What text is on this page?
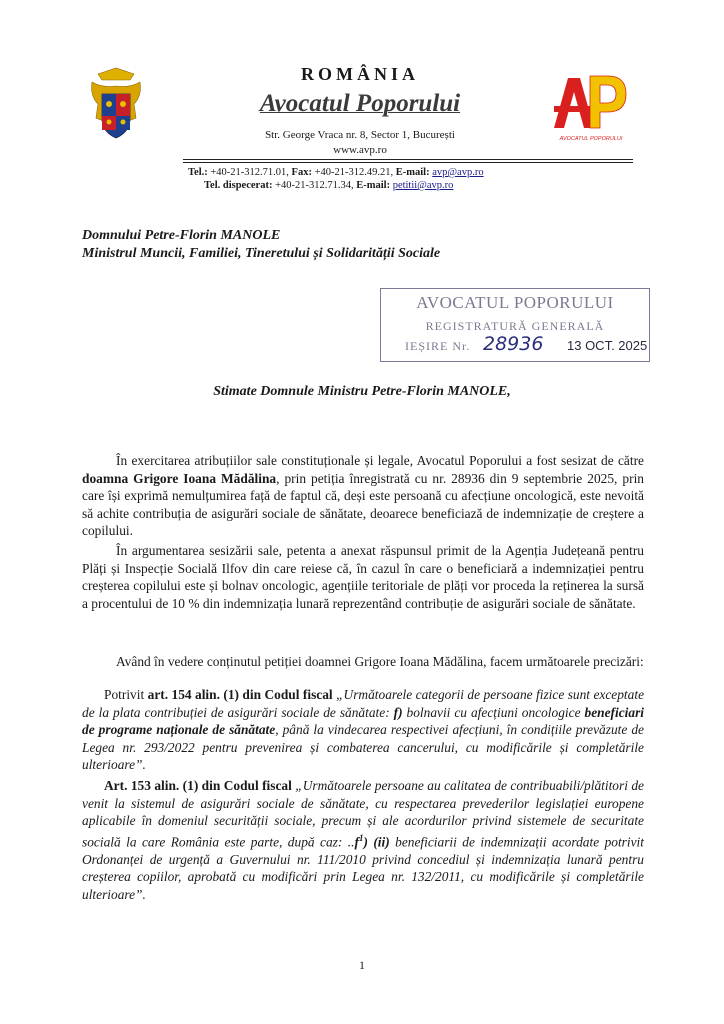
AVOCATUL POPORULUI
ROMÂNIA
Avocatul Poporului
Str. George Vraca nr. 8, Sector 1, București
www.avp.ro
Tel.: +40-21-312.71.01, Fax: +40-21-312.49.21, E-mail: avp@avp.ro
Tel. dispecerat: +40-21-312.71.34, E-mail: petitii@avp.ro
Domnului Petre-Florin MANOLE
Ministrul Muncii, Familiei, Tineretului și Solidarității Sociale
AVOCATUL POPORULUI
REGISTRATURĂ GENERALĂ
IEȘIRE Nr. 28936 13 OCT. 2025
Stimate Domnule Ministru Petre-Florin MANOLE,
În exercitarea atribuțiilor sale constituționale și legale, Avocatul Poporului a fost sesizat de către doamna Grigore Ioana Mădălina, prin petiția înregistrată cu nr. 28936 din 9 septembrie 2025, prin care își exprimă nemulțumirea față de faptul că, deși este persoană cu afecțiune oncologică, este nevoită să achite contribuția de asigurări sociale de sănătate, deoarece beneficiază de indemnizație de creștere a copilului.
În argumentarea sesizării sale, petenta a anexat răspunsul primit de la Agenția Județeană pentru Plăți și Inspecție Socială Ilfov din care reiese că, în cazul în care o beneficiară a indemnizației pentru creșterea copilului este și bolnav oncologic, agențiile teritoriale de plăți vor proceda la reținerea la sursă a procentului de 10 % din indemnizația lunară reprezentând contribuție de asigurări sociale de sănătate.
Având în vedere conținutul petiției doamnei Grigore Ioana Mădălina, facem următoarele precizări:
Potrivit art. 154 alin. (1) din Codul fiscal „Următoarele categorii de persoane fizice sunt exceptate de la plata contribuției de asigurări sociale de sănătate: f) bolnavii cu afecțiuni oncologice beneficiari de programe naționale de sănătate, până la vindecarea respectivei afecțiuni, în condițiile prevăzute de Legea nr. 293/2022 pentru prevenirea și combaterea cancerului, cu modificările și completările ulterioare”.
Art. 153 alin. (1) din Codul fiscal „Următoarele persoane au calitatea de contribuabili/plătitori de venit la sistemul de asigurări sociale de sănătate, cu respectarea prevederilor legislației europene aplicabile în domeniul securității sociale, precum și ale acordurilor privind sistemele de securitate socială la care România este parte, după caz: $..f^1$) (ii) beneficiarii de indemnizații acordate potrivit Ordonanței de urgență a Guvernului nr. 111/2010 privind concediul și indemnizația lunară pentru creșterea copiilor, aprobată cu modificări prin Legea nr. 132/2011, cu modificările și completările ulterioare”.
1
